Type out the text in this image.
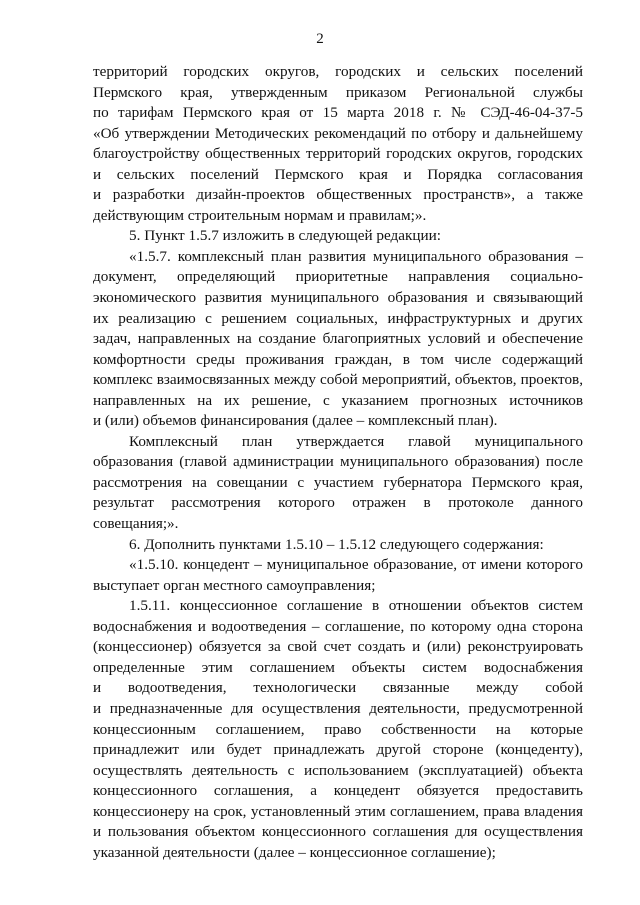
2
территорий городских округов, городских и сельских поселений
Пермского края, утвержденным приказом Региональной службы
по тарифам Пермского края от 15 марта 2018 г. № СЭД-46-04-37-5
«Об утверждении Методических рекомендаций по отбору и дальнейшему
благоустройству общественных территорий городских округов, городских
и сельских поселений Пермского края и Порядка согласования
и разработки дизайн-проектов общественных пространств», а также
действующим строительным нормам и правилам;».
5. Пункт 1.5.7 изложить в следующей редакции:
«1.5.7. комплексный план развития муниципального образования –
документ, определяющий приоритетные направления социально-
экономического развития муниципального образования и связывающий
их реализацию с решением социальных, инфраструктурных и других
задач, направленных на создание благоприятных условий и обеспечение
комфортности среды проживания граждан, в том числе содержащий
комплекс взаимосвязанных между собой мероприятий, объектов, проектов,
направленных на их решение, с указанием прогнозных источников
и (или) объемов финансирования (далее – комплексный план).
Комплексный план утверждается главой муниципального
образования (главой администрации муниципального образования) после
рассмотрения на совещании с участием губернатора Пермского края,
результат рассмотрения которого отражен в протоколе данного
совещания;».
6. Дополнить пунктами 1.5.10 – 1.5.12 следующего содержания:
«1.5.10. концедент – муниципальное образование, от имени которого
выступает орган местного самоуправления;
1.5.11. концессионное соглашение в отношении объектов систем
водоснабжения и водоотведения – соглашение, по которому одна сторона
(концессионер) обязуется за свой счет создать и (или) реконструировать
определенные этим соглашением объекты систем водоснабжения
и водоотведения, технологически связанные между собой
и предназначенные для осуществления деятельности, предусмотренной
концессионным соглашением, право собственности на которые
принадлежит или будет принадлежать другой стороне (концеденту),
осуществлять деятельность с использованием (эксплуатацией) объекта
концессионного соглашения, а концедент обязуется предоставить
концессионеру на срок, установленный этим соглашением, права владения
и пользования объектом концессионного соглашения для осуществления
указанной деятельности (далее – концессионное соглашение);
